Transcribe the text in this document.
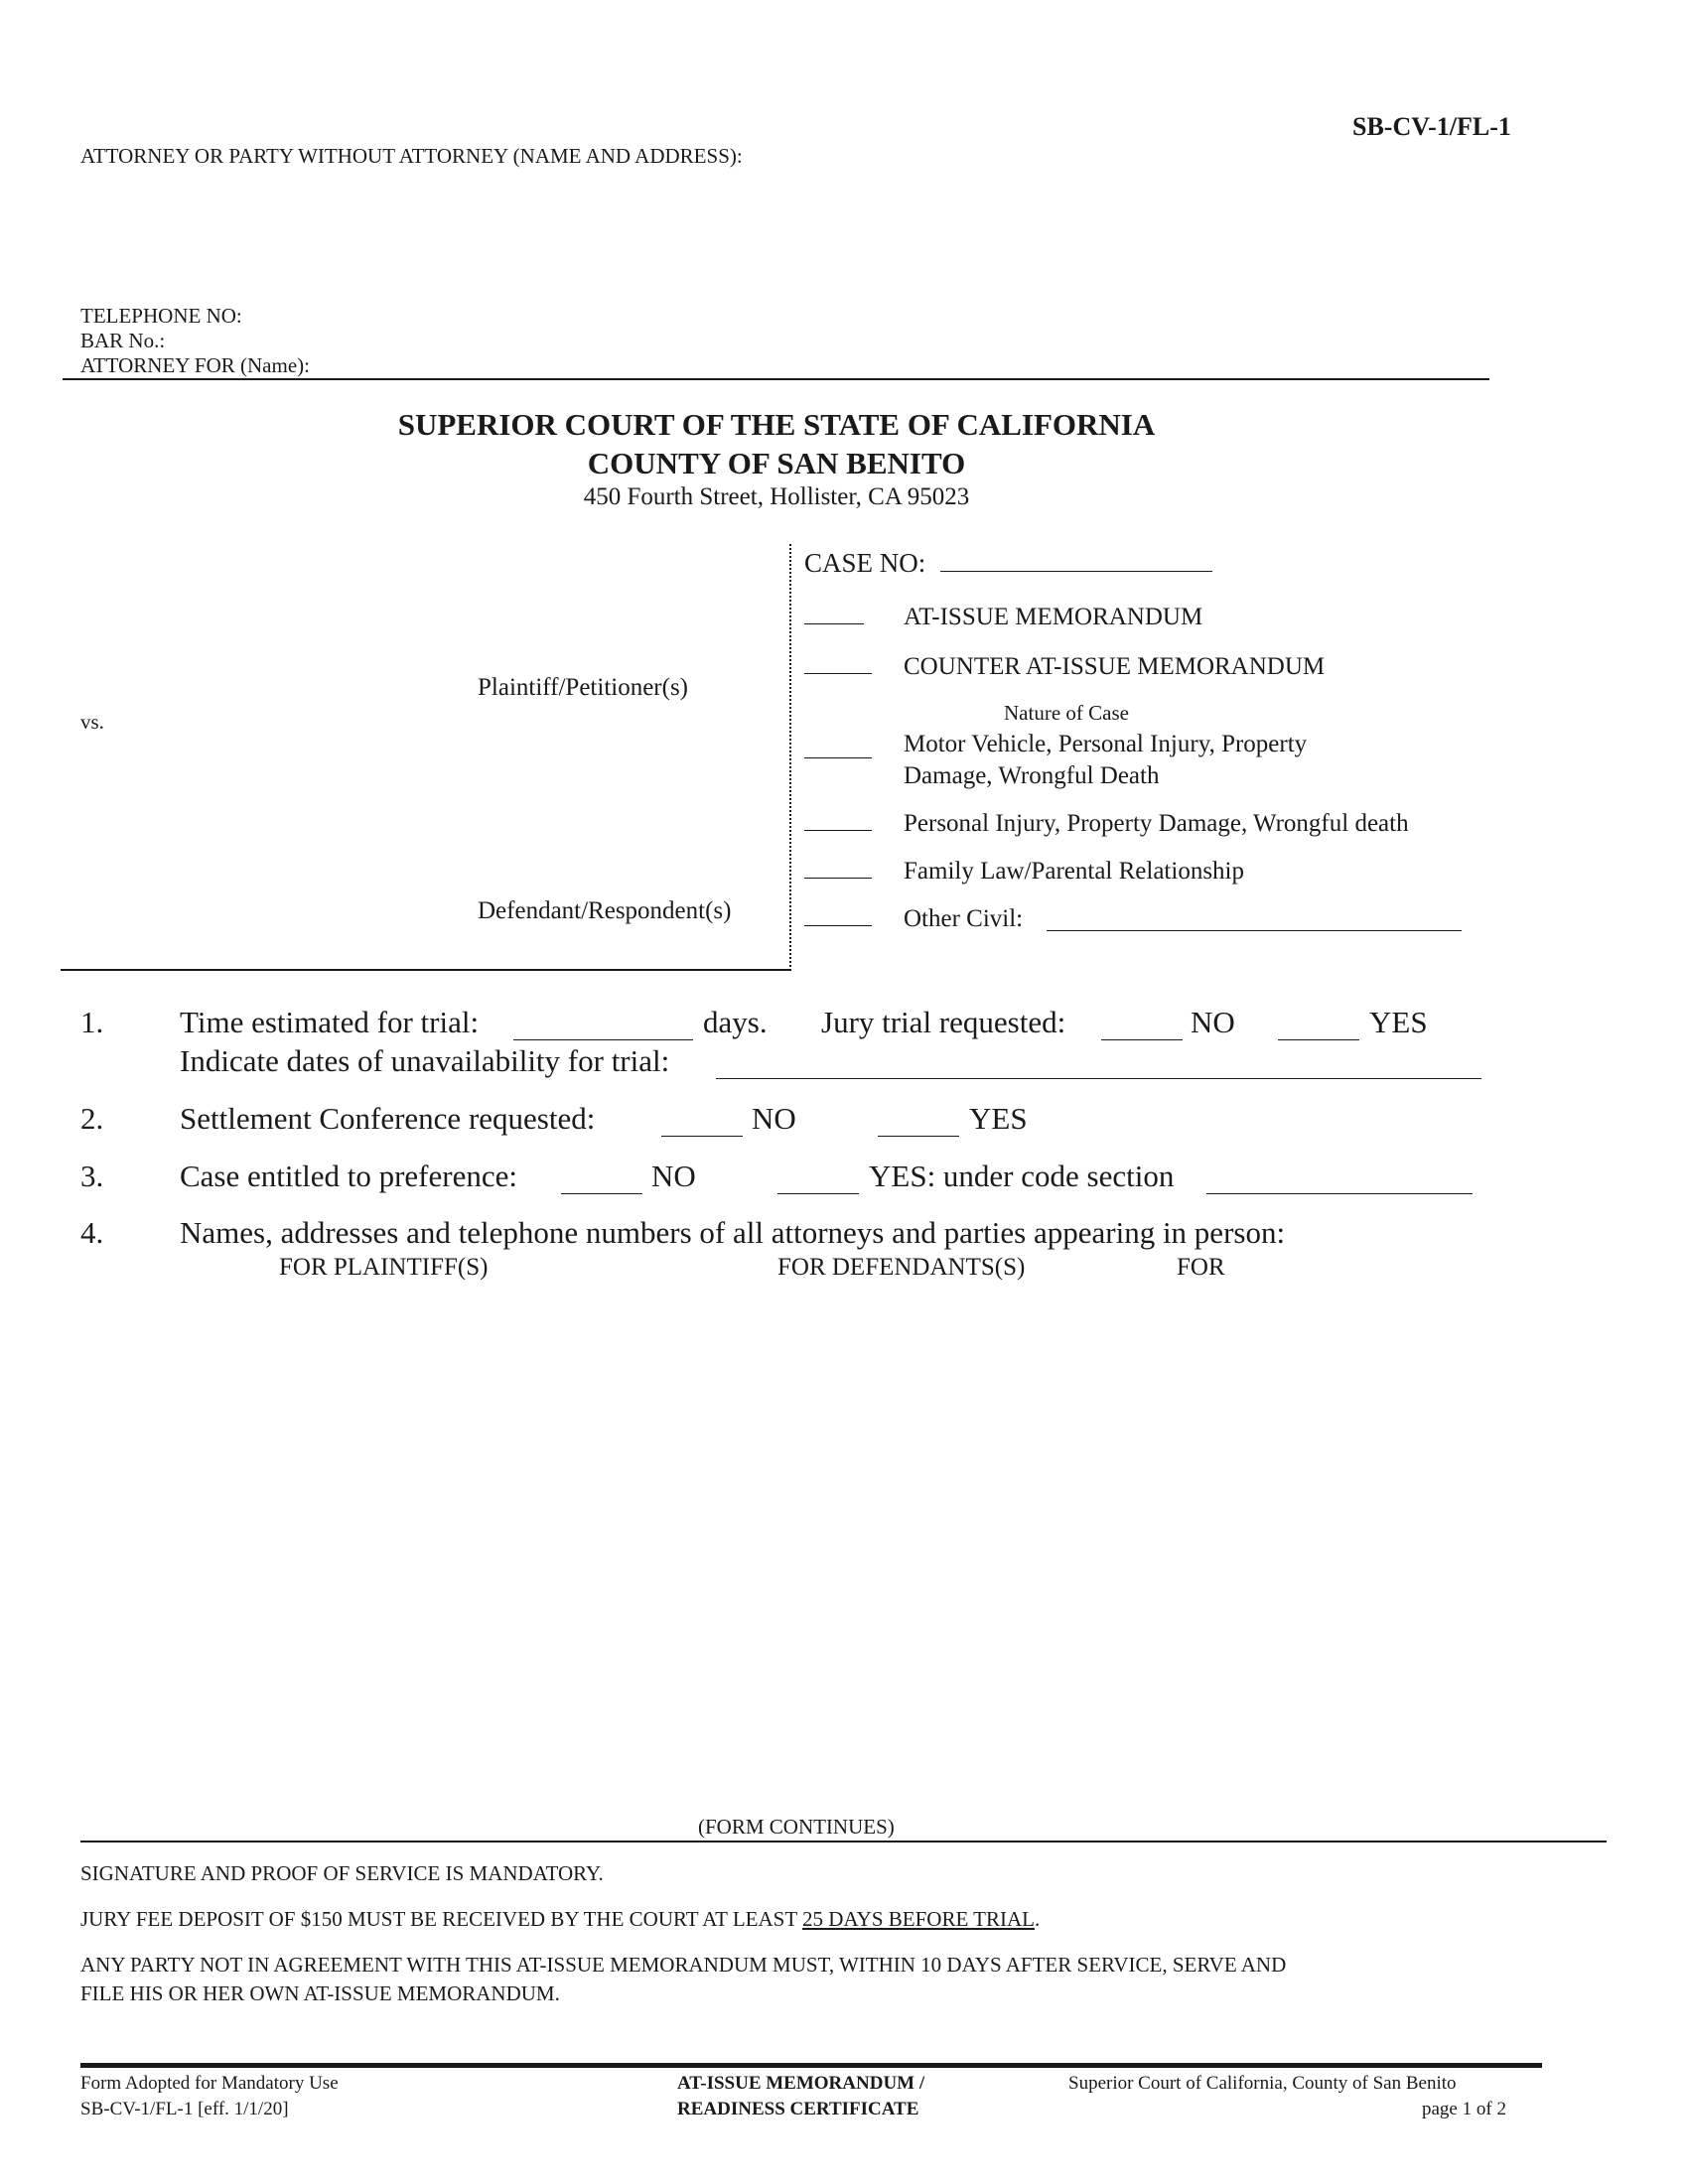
SB-CV-1/FL-1
ATTORNEY OR PARTY WITHOUT ATTORNEY (NAME AND ADDRESS):
TELEPHONE NO:
BAR No.:
ATTORNEY FOR (Name):
SUPERIOR COURT OF THE STATE OF CALIFORNIA
COUNTY OF SAN BENITO
450 Fourth Street, Hollister, CA 95023
Plaintiff/Petitioner(s)
vs.
Defendant/Respondent(s)
CASE NO:
AT-ISSUE MEMORANDUM
COUNTER AT-ISSUE MEMORANDUM
Nature of Case
Motor Vehicle, Personal Injury, Property
Damage, Wrongful Death
Personal Injury, Property Damage, Wrongful death
Family Law/Parental Relationship
Other Civil:
1. Time estimated for trial:	days. Jury trial requested:	NO	YES
Indicate dates of unavailability for trial:
2. Settlement Conference requested:	NO	YES
3. Case entitled to preference:	NO	YES: under code section
4. Names, addresses and telephone numbers of all attorneys and parties appearing in person:
FOR PLAINTIFF(S)	FOR DEFENDANTS(S)	FOR
(FORM CONTINUES)
SIGNATURE AND PROOF OF SERVICE IS MANDATORY.
JURY FEE DEPOSIT OF $150 MUST BE RECEIVED BY THE COURT AT LEAST 25 DAYS BEFORE TRIAL.
ANY PARTY NOT IN AGREEMENT WITH THIS AT-ISSUE MEMORANDUM MUST, WITHIN 10 DAYS AFTER SERVICE, SERVE AND
FILE HIS OR HER OWN AT-ISSUE MEMORANDUM.
Form Adopted for Mandatory Use
SB-CV-1/FL-1 [eff. 1/1/20]
AT-ISSUE MEMORANDUM /
READINESS CERTIFICATE
Superior Court of California, County of San Benito
page 1 of 2
